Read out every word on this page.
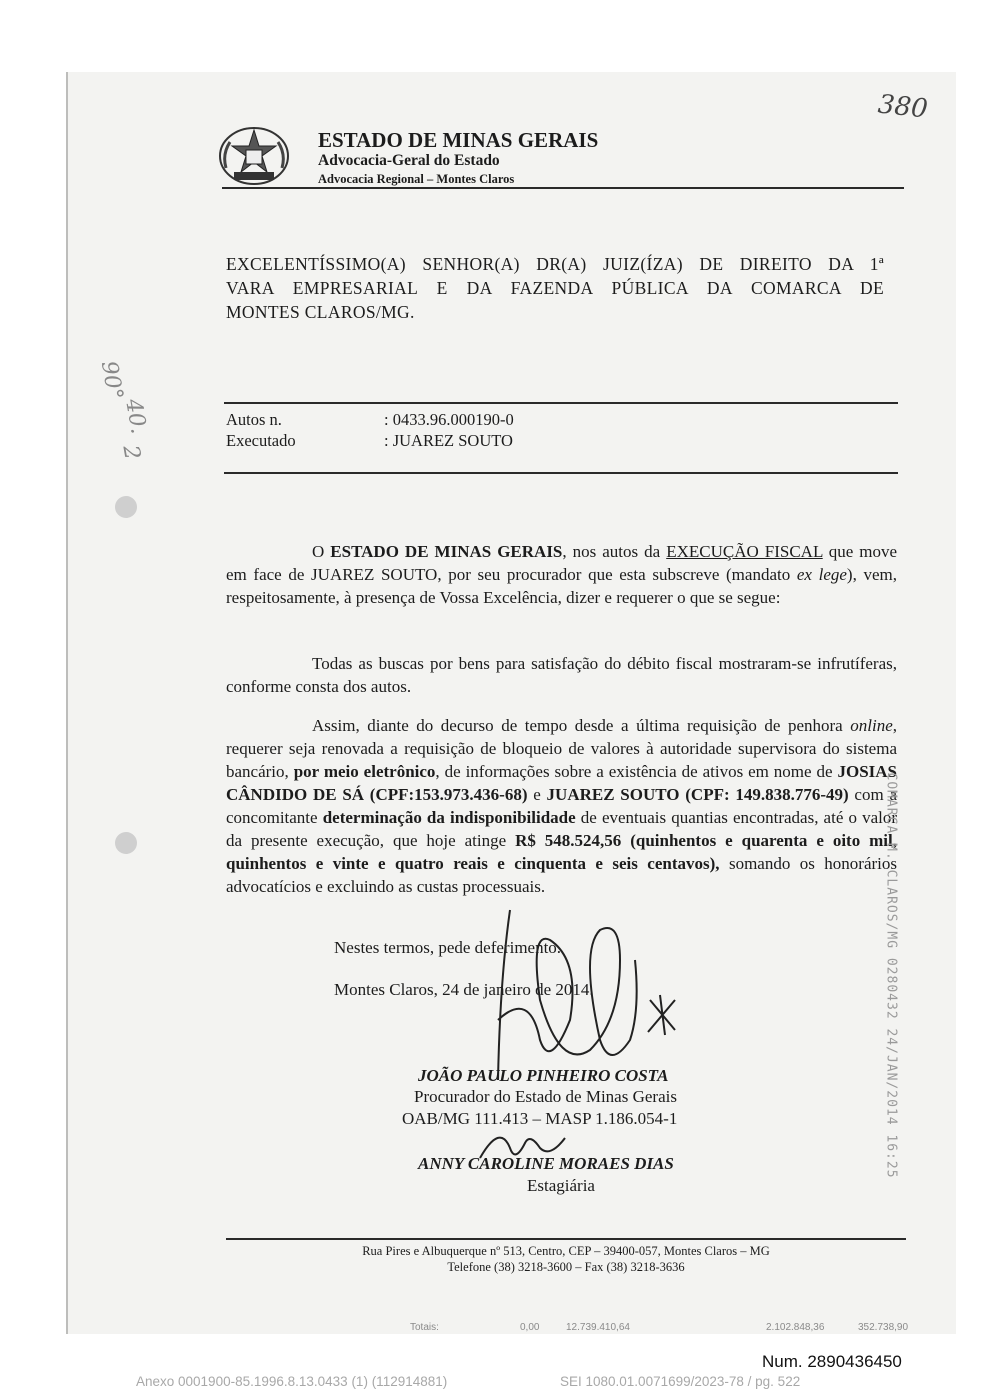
ESTADO DE MINAS GERAIS
Advocacia-Geral do Estado
Advocacia Regional – Montes Claros
380
EXCELENTÍSSIMO(A) SENHOR(A) DR(A) JUIZ(ÍZA) DE DIREITO DA 1ª
VARA EMPRESARIAL E DA FAZENDA PÚBLICA DA COMARCA DE
MONTES CLAROS/MG.
90°
40.
2
Autos n.	: 0433.96.000190-0
Executado	: JUAREZ SOUTO
O ESTADO DE MINAS GERAIS, nos autos da EXECUÇÃO FISCAL que move em face de JUAREZ SOUTO, por seu procurador que esta subscreve (mandato ex lege), vem, respeitosamente, à presença de Vossa Excelência, dizer e requerer o que se segue:
Todas as buscas por bens para satisfação do débito fiscal mostraram-se infrutíferas, conforme consta dos autos.
Assim, diante do decurso de tempo desde a última requisição de penhora online, requerer seja renovada a requisição de bloqueio de valores à autoridade supervisora do sistema bancário, por meio eletrônico, de informações sobre a existência de ativos em nome de JOSIAS CÂNDIDO DE SÁ (CPF:153.973.436-68) e JUAREZ SOUTO (CPF: 149.838.776-49) com a concomitante determinação da indisponibilidade de eventuais quantias encontradas, até o valor da presente execução, que hoje atinge R$ 548.524,56 (quinhentos e quarenta e oito mil, quinhentos e vinte e quatro reais e cinquenta e seis centavos), somando os honorários advocatícios e excluindo as custas processuais.
Nestes termos, pede deferimento.
Montes Claros, 24 de janeiro de 2014.
JOÃO PAULO PINHEIRO COSTA
Procurador do Estado de Minas Gerais
OAB/MG 111.413 – MASP 1.186.054-1
ANNY CAROLINE MORAES DIAS
Estagiária
COMARCA M. CLAROS/MG 0280432 24/JAN/2014 16:25
Rua Pires e Albuquerque nº 513, Centro, CEP – 39400-057, Montes Claros – MG
Telefone (38) 3218-3600 – Fax (38) 3218-3636
Totais:	0,00	12.739.410,64	2.102.848,36	352.738,90
Num. 2890436450
Anexo 0001900-85.1996.8.13.0433 (1) (112914881)	SEI 1080.01.0071699/2023-78 / pg. 522
